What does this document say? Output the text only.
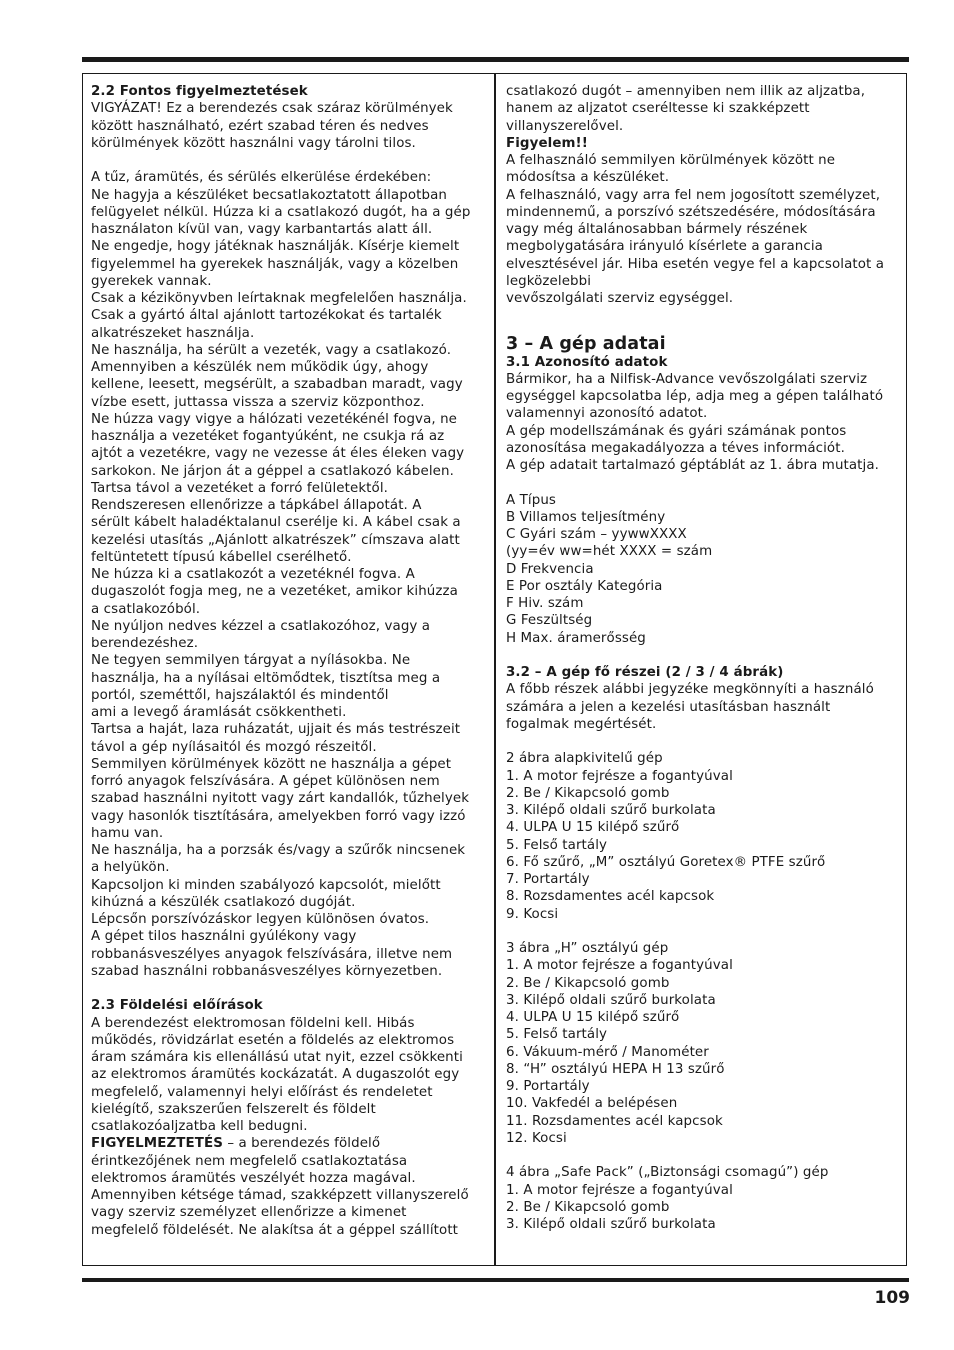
2.2 Fontos figyelmeztetések
VIGYÁZAT! Ez a berendezés csak száraz körülmények
között használható, ezért szabad téren és nedves
körülmények között használni vagy tárolni tilos.
A tűz, áramütés, és sérülés elkerülése érdekében:
Ne hagyja a készüléket becsatlakoztatott állapotban
felügyelet nélkül. Húzza ki a csatlakozó dugót, ha a gép
használaton kívül van, vagy karbantartás alatt áll.
Ne engedje, hogy játéknak használják. Kísérje kiemelt
figyelemmel ha gyerekek használják, vagy a közelben
gyerekek vannak.
Csak a kézikönyvben leírtaknak megfelelően használja.
Csak a gyártó által ajánlott tartozékokat és tartalék
alkatrészeket használja.
Ne használja, ha sérült a vezeték, vagy a csatlakozó.
Amennyiben a készülék nem működik úgy, ahogy
kellene, leesett, megsérült, a szabadban maradt, vagy
vízbe esett, juttassa vissza a szerviz központhoz.
Ne húzza vagy vigye a hálózati vezetékénél fogva, ne
használja a vezetéket fogantyúként, ne csukja rá az
ajtót a vezetékre, vagy ne vezesse át éles éleken vagy
sarkokon. Ne járjon át a géppel a csatlakozó kábelen.
Tartsa távol a vezetéket a forró felületektől.
Rendszeresen ellenőrizze a tápkábel állapotát. A
sérült kábelt haladéktalanul cserélje ki. A kábel csak a
kezelési utasítás „Ajánlott alkatrészek” címszava alatt
feltüntetett típusú kábellel cserélhető.
Ne húzza ki a csatlakozót a vezetéknél fogva. A
dugaszolót fogja meg, ne a vezetéket, amikor kihúzza
a csatlakozóból.
Ne nyúljon nedves kézzel a csatlakozóhoz, vagy a
berendezéshez.
Ne tegyen semmilyen tárgyat a nyílásokba. Ne
használja, ha a nyílásai eltömődtek, tisztítsa meg a
portól, szeméttől, hajszálaktól és mindentől
ami a levegő áramlását csökkentheti.
Tartsa a haját, laza ruházatát, ujjait és más testrészeit
távol a gép nyílásaitól és mozgó részeitől.
Semmilyen körülmények között ne használja a gépet
forró anyagok felszívására. A gépet különösen nem
szabad használni nyitott vagy zárt kandallók, tűzhelyek
vagy hasonlók tisztítására, amelyekben forró vagy izzó
hamu van.
Ne használja, ha a porzsák és/vagy a szűrők nincsenek
a helyükön.
Kapcsoljon ki minden szabályozó kapcsolót, mielőtt
kihúzná a készülék csatlakozó dugóját.
Lépcsőn porszívózáskor legyen különösen óvatos.
A gépet tilos használni gyúlékony vagy
robbanásveszélyes anyagok felszívására, illetve nem
szabad használni robbanásveszélyes környezetben.
2.3 Földelési előírások
A berendezést elektromosan földelni kell. Hibás
működés, rövidzárlat esetén a földelés az elektromos
áram számára kis ellenállású utat nyit, ezzel csökkenti
az elektromos áramütés kockázatát. A dugaszolót egy
megfelelő, valamennyi helyi előírást és rendeletet
kielégítő, szakszerűen felszerelt és földelt
csatlakozóaljzatba kell bedugni.
FIGYELMEZTETÉS – a berendezés földelő
érintkezőjének nem megfelelő csatlakoztatása
elektromos áramütés veszélyét hozza magával.
Amennyiben kétsége támad, szakképzett villanyszerelő
vagy szerviz személyzet ellenőrizze a kimenet
megfelelő földelését. Ne alakítsa át a géppel szállított
csatlakozó dugót – amennyiben nem illik az aljzatba,
hanem az aljzatot cseréltesse ki szakképzett
villanyszerelővel.
Figyelem!!
A felhasználó semmilyen körülmények között ne
módosítsa a készüléket.
A felhasználó, vagy arra fel nem jogosított személyzet,
mindennemű, a porszívó szétszedésére, módosítására
vagy még általánosabban bármely részének
megbolygatására irányuló kísérlete a garancia
elvesztésével jár. Hiba esetén vegye fel a kapcsolatot a
legközelebbi
vevőszolgálati szerviz egységgel.
3 – A gép adatai
3.1 Azonosító adatok
Bármikor, ha a Nilfisk-Advance vevőszolgálati szerviz
egységgel kapcsolatba lép, adja meg a gépen található
valamennyi azonosító adatot.
A gép modellszámának és gyári számának pontos
azonosítása megakadályozza a téves információt.
A gép adatait tartalmazó géptáblát az 1. ábra mutatja.
A Típus
B Villamos teljesítmény
C Gyári szám – yywwXXXX
(yy=év ww=hét XXXX = szám
D Frekvencia
E Por osztály Kategória
F Hiv. szám
G Feszültség
H Max. áramerősség
3.2 – A gép fő részei (2 / 3 / 4 ábrák)
A főbb részek alábbi jegyzéke megkönnyíti a használó
számára a jelen a kezelési utasításban használt
fogalmak megértését.
2 ábra alapkivitelű gép
1. A motor fejrésze a fogantyúval
2. Be / Kikapcsoló gomb
3. Kilépő oldali szűrő burkolata
4. ULPA U 15 kilépő szűrő
5. Felső tartály
6. Fő szűrő, „M” osztályú Goretex® PTFE szűrő
7. Portartály
8. Rozsdamentes acél kapcsok
9. Kocsi
3 ábra „H” osztályú gép
1. A motor fejrésze a fogantyúval
2. Be / Kikapcsoló gomb
3. Kilépő oldali szűrő burkolata
4. ULPA U 15 kilépő szűrő
5. Felső tartály
6. Vákuum-mérő / Manométer
8. “H” osztályú HEPA H 13 szűrő
9. Portartály
10. Vakfedél a belépésen
11. Rozsdamentes acél kapcsok
12. Kocsi
4 ábra „Safe Pack” („Biztonsági csomagú”) gép
1. A motor fejrésze a fogantyúval
2. Be / Kikapcsoló gomb
3. Kilépő oldali szűrő burkolata
109
